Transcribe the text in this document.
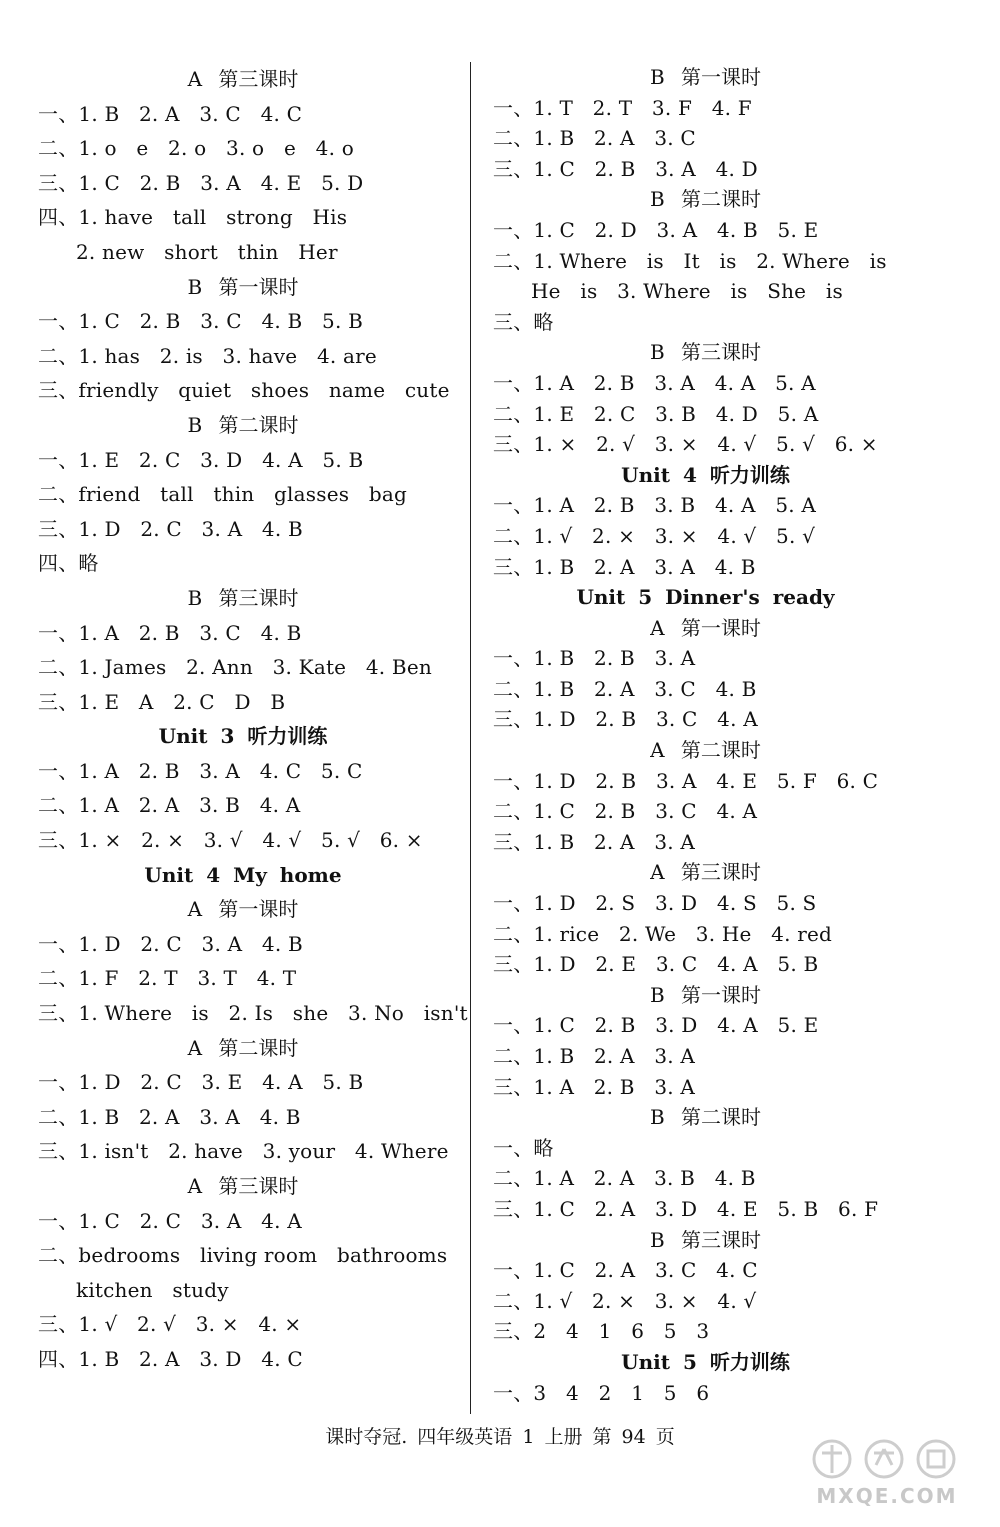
A 第三课时
一、1. B   2. A   3. C   4. C
二、1. o   e   2. o   3. o   e   4. o
三、1. C   2. B   3. A   4. E   5. D
四、1. have   tall   strong   His
2. new   short   thin   Her
B 第一课时
一、1. C   2. B   3. C   4. B   5. B
二、1. has   2. is   3. have   4. are
三、friendly   quiet   shoes   name   cute
B 第二课时
一、1. E   2. C   3. D   4. A   5. B
二、friend   tall   thin   glasses   bag
三、1. D   2. C   3. A   4. B
四、略
B 第三课时
一、1. A   2. B   3. C   4. B
二、1. James   2. Ann   3. Kate   4. Ben
三、1. E   A   2. C   D   B
Unit 3 听力训练
一、1. A   2. B   3. A   4. C   5. C
二、1. A   2. A   3. B   4. A
三、1. ×   2. ×   3. √   4. √   5. √   6. ×
Unit 4 My home
A 第一课时
一、1. D   2. C   3. A   4. B
二、1. F   2. T   3. T   4. T
三、1. Where   is   2. Is   she   3. No   isn't
A 第二课时
一、1. D   2. C   3. E   4. A   5. B
二、1. B   2. A   3. A   4. B
三、1. isn't   2. have   3. your   4. Where
A 第三课时
一、1. C   2. C   3. A   4. A
二、bedrooms   living room   bathrooms
kitchen   study
三、1. √   2. √   3. ×   4. ×
四、1. B   2. A   3. D   4. C
B 第一课时
一、1. T   2. T   3. F   4. F
二、1. B   2. A   3. C
三、1. C   2. B   3. A   4. D
B 第二课时
一、1. C   2. D   3. A   4. B   5. E
二、1. Where   is   It   is   2. Where   is
He   is   3. Where   is   She   is
三、略
B 第三课时
一、1. A   2. B   3. A   4. A   5. A
二、1. E   2. C   3. B   4. D   5. A
三、1. ×   2. √   3. ×   4. √   5. √   6. ×
Unit 4 听力训练
一、1. A   2. B   3. B   4. A   5. A
二、1. √   2. ×   3. ×   4. √   5. √
三、1. B   2. A   3. A   4. B
Unit 5 Dinner's ready
A 第一课时
一、1. B   2. B   3. A
二、1. B   2. A   3. C   4. B
三、1. D   2. B   3. C   4. A
A 第二课时
一、1. D   2. B   3. A   4. E   5. F   6. C
二、1. C   2. B   3. C   4. A
三、1. B   2. A   3. A
A 第三课时
一、1. D   2. S   3. D   4. S   5. S
二、1. rice   2. We   3. He   4. red
三、1. D   2. E   3. C   4. A   5. B
B 第一课时
一、1. C   2. B   3. D   4. A   5. E
二、1. B   2. A   3. A
三、1. A   2. B   3. A
B 第二课时
一、略
二、1. A   2. A   3. B   4. B
三、1. C   2. A   3. D   4. E   5. B   6. F
B 第三课时
一、1. C   2. A   3. C   4. C
二、1. √   2. ×   3. ×   4. √
三、2   4   1   6   5   3
Unit 5 听力训练
一、3   4   2   1   5   6
课时夺冠. 四年级英语 1 上册 第 94 页
MXQE.COM
